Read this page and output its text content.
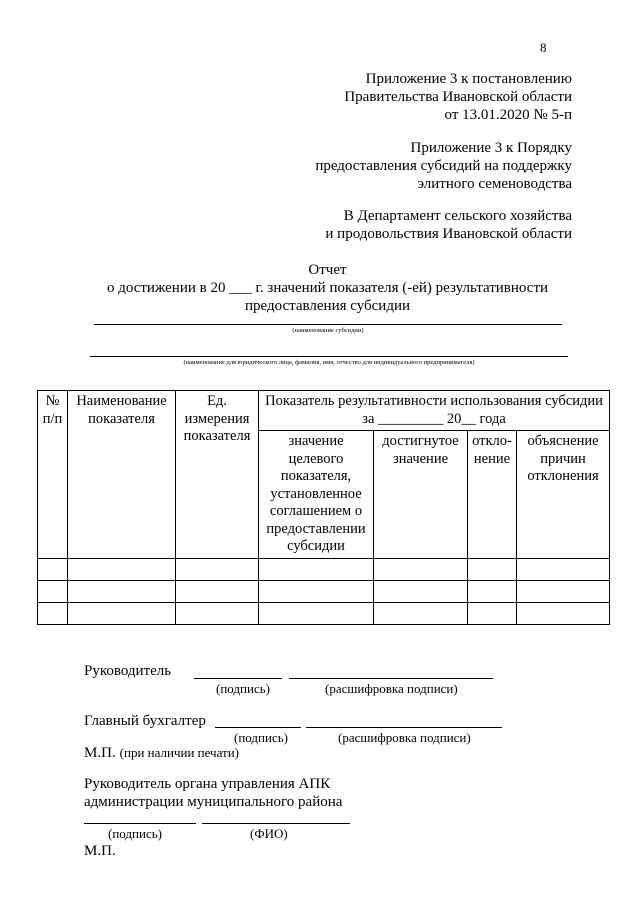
8
Приложение 3 к постановлению
Правительства Ивановской области
от 13.01.2020 № 5-п
Приложение 3 к Порядку
предоставления субсидий на поддержку
элитного семеноводства
В Департамент сельского хозяйства
и продовольствия Ивановской области
Отчет
о достижении в 20 ___ г. значений показателя (-ей) результативности
предоставления субсидии
(наименование субсидии)
(наименование для юридического лица, фамилия, имя, отчество для индивидуального предпринимателя)
№ п/п	Наименование показателя	Ед. измерения показателя	Показатель результативности использования субсидии за _________ 20__ года			
			значение целевого показателя, установленное соглашением о предоставлении субсидии	достигнутое значение	откло-нение	объяснение причин отклонения

Руководитель
(подпись)	(расшифровка подписи)
Главный бухгалтер
(подпись)	(расшифровка подписи)
М.П. (при наличии печати)
Руководитель органа управления АПК
администрации муниципального района
(подпись)	(ФИО)
М.П.
